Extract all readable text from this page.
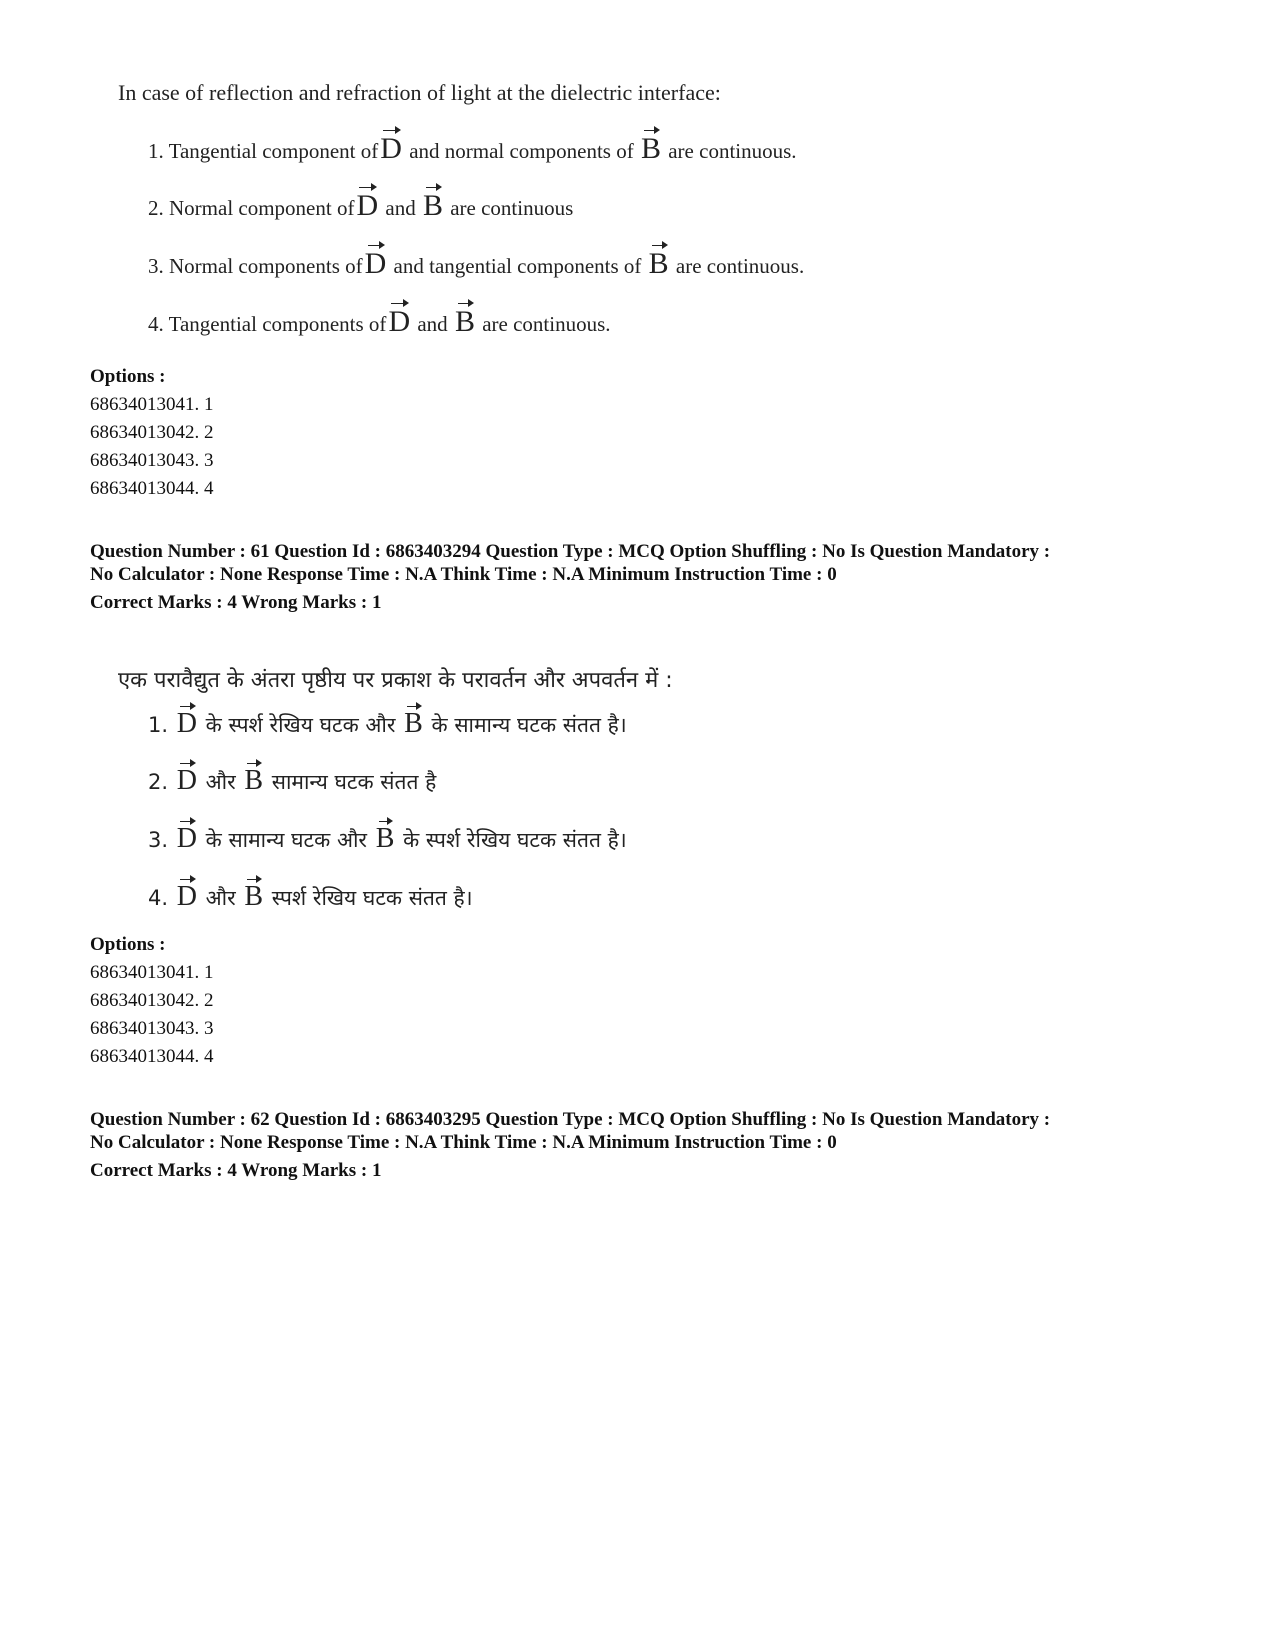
In case of reflection and refraction of light at the dielectric interface:
1. Tangential component ofD and normal components of B are continuous.
2. Normal component ofD and B are continuous
3. Normal components ofD and tangential components of B are continuous.
4. Tangential components ofD and B are continuous.
Options :
68634013041. 1
68634013042. 2
68634013043. 3
68634013044. 4
Question Number : 61 Question Id : 6863403294 Question Type : MCQ Option Shuffling : No Is Question Mandatory :
No Calculator : None Response Time : N.A Think Time : N.A Minimum Instruction Time : 0
Correct Marks : 4 Wrong Marks : 1
एक परावैद्युत के अंतरा पृष्ठीय पर प्रकाश के परावर्तन और अपवर्तन में :
1. D के स्पर्श रेखिय घटक और B के सामान्य घटक संतत है।
2. D और B सामान्य घटक संतत है
3. D के सामान्य घटक और B के स्पर्श रेखिय घटक संतत है।
4. D और B स्पर्श रेखिय घटक संतत है।
Options :
68634013041. 1
68634013042. 2
68634013043. 3
68634013044. 4
Question Number : 62 Question Id : 6863403295 Question Type : MCQ Option Shuffling : No Is Question Mandatory :
No Calculator : None Response Time : N.A Think Time : N.A Minimum Instruction Time : 0
Correct Marks : 4 Wrong Marks : 1
